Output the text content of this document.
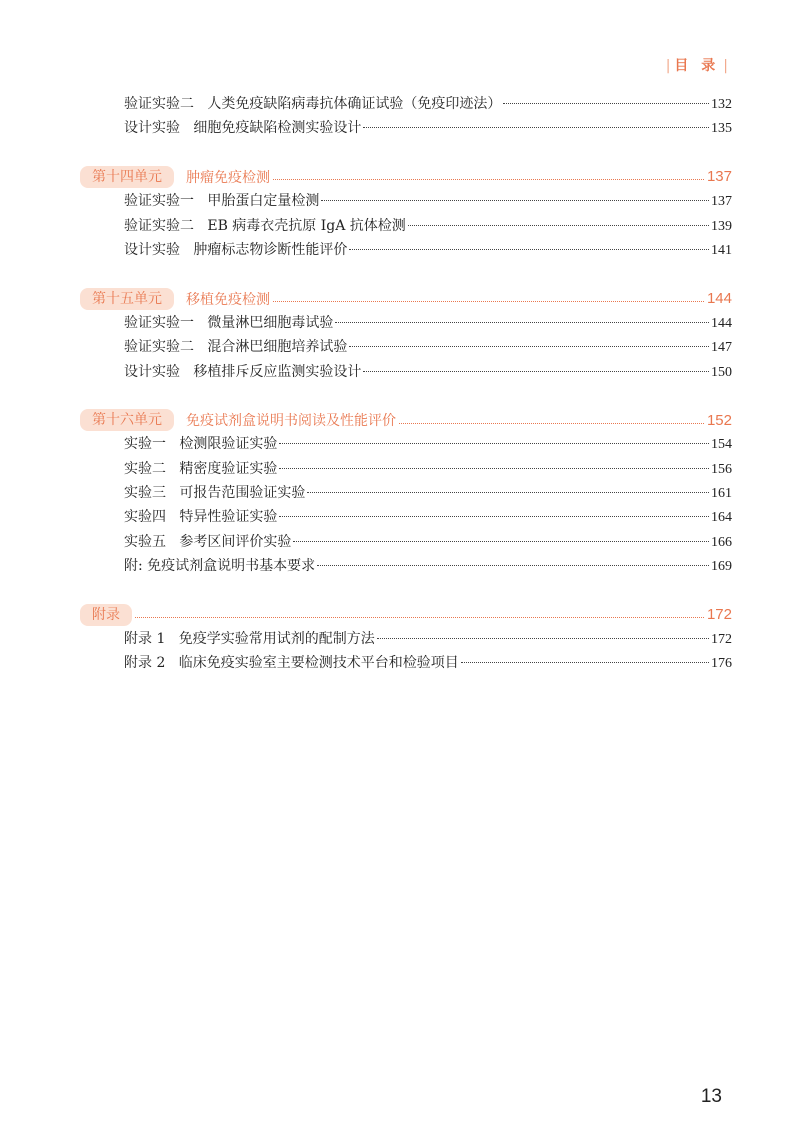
| 目 录 |
验证实验二   人类免疫缺陷病毒抗体确证试验（免疫印迹法）	132
设计实验   细胞免疫缺陷检测实验设计	135
第十四单元	肿瘤免疫检测	137
验证实验一   甲胎蛋白定量检测	137
验证实验二   EB 病毒衣壳抗原 IgA 抗体检测	139
设计实验   肿瘤标志物诊断性能评价	141
第十五单元	移植免疫检测	144
验证实验一   微量淋巴细胞毒试验	144
验证实验二   混合淋巴细胞培养试验	147
设计实验   移植排斥反应监测实验设计	150
第十六单元	免疫试剂盒说明书阅读及性能评价	152
实验一   检测限验证实验	154
实验二   精密度验证实验	156
实验三   可报告范围验证实验	161
实验四   特异性验证实验	164
实验五   参考区间评价实验	166
附: 免疫试剂盒说明书基本要求	169
附录	172
附录 1   免疫学实验常用试剂的配制方法	172
附录 2   临床免疫实验室主要检测技术平台和检验项目	176
13
